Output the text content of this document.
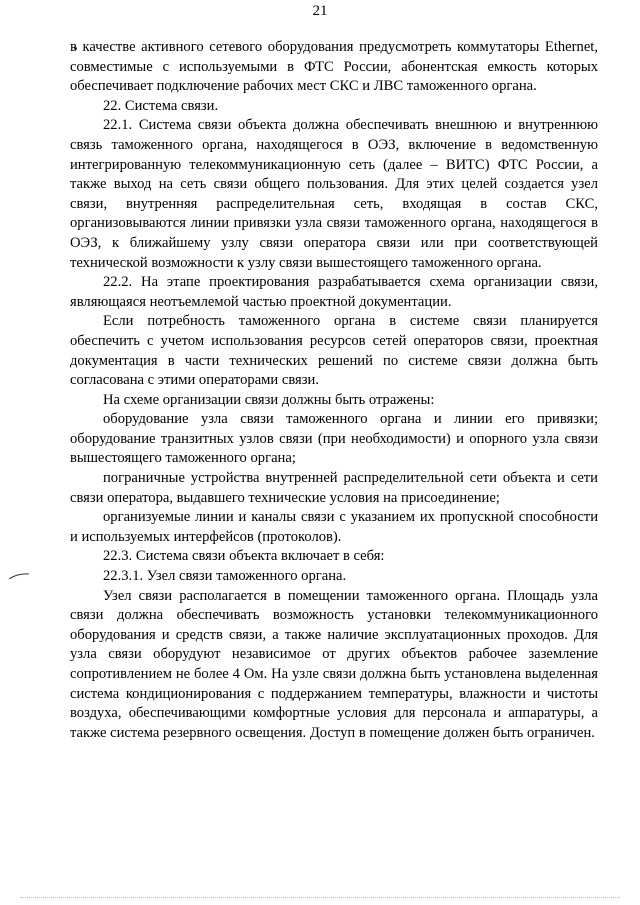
21

в качестве активного сетевого оборудования предусмотреть коммутаторы Ethernet, совместимые с используемыми в ФТС России, абонентская емкость которых обеспечивает подключение рабочих мест СКС и ЛВС таможенного органа.

22. Система связи.

22.1. Система связи объекта должна обеспечивать внешнюю и внутреннюю связь таможенного органа, находящегося в ОЭЗ, включение в ведомственную интегрированную телекоммуникационную сеть (далее – ВИТС) ФТС России, а также выход на сеть связи общего пользования. Для этих целей создается узел связи, внутренняя распределительная сеть, входящая в состав СКС, организовываются линии привязки узла связи таможенного органа, находящегося в ОЭЗ, к ближайшему узлу связи оператора связи или при соответствующей технической возможности к узлу связи вышестоящего таможенного органа.

22.2. На этапе проектирования разрабатывается схема организации связи, являющаяся неотъемлемой частью проектной документации.

Если потребность таможенного органа в системе связи планируется обеспечить с учетом использования ресурсов сетей операторов связи, проектная документация в части технических решений по системе связи должна быть согласована с этими операторами связи.

На схеме организации связи должны быть отражены:

оборудование узла связи таможенного органа и линии его привязки; оборудование транзитных узлов связи (при необходимости) и опорного узла связи вышестоящего таможенного органа;

пограничные устройства внутренней распределительной сети объекта и сети связи оператора, выдавшего технические условия на присоединение;

организуемые линии и каналы связи с указанием их пропускной способности и используемых интерфейсов (протоколов).

22.3. Система связи объекта включает в себя:

22.3.1. Узел связи таможенного органа.

Узел связи располагается в помещении таможенного органа. Площадь узла связи должна обеспечивать возможность установки телекоммуникационного оборудования и средств связи, а также наличие эксплуатационных проходов. Для узла связи оборудуют независимое от других объектов рабочее заземление сопротивлением не более 4 Ом. На узле связи должна быть установлена выделенная система кондиционирования с поддержанием температуры, влажности и чистоты воздуха, обеспечивающими комфортные условия для персонала и аппаратуры, а также система резервного освещения. Доступ в помещение должен быть ограничен.
